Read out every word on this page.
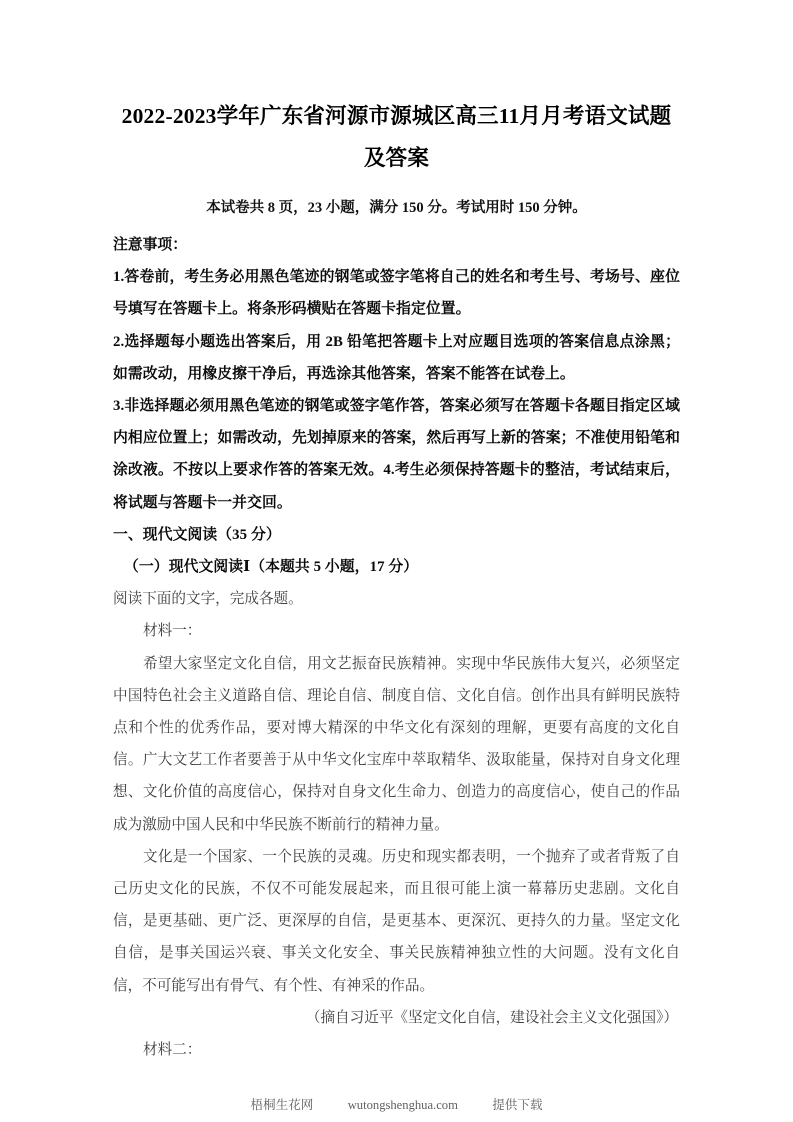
2022-2023学年广东省河源市源城区高三11月月考语文试题及答案

本试卷共 8 页，23 小题，满分 150 分。考试用时 150 分钟。

注意事项：

1.答卷前，考生务必用黑色笔迹的钢笔或签字笔将自己的姓名和考生号、考场号、座位号填写在答题卡上。将条形码横贴在答题卡指定位置。

2.选择题每小题选出答案后，用 2B 铅笔把答题卡上对应题目选项的答案信息点涂黑；如需改动，用橡皮擦干净后，再选涂其他答案，答案不能答在试卷上。

3.非选择题必须用黑色笔迹的钢笔或签字笔作答，答案必须写在答题卡各题目指定区域内相应位置上；如需改动，先划掉原来的答案，然后再写上新的答案；不准使用铅笔和涂改液。不按以上要求作答的答案无效。4.考生必须保持答题卡的整洁，考试结束后，将试题与答题卡一并交回。

一、现代文阅读（35 分）

（一）现代文阅读Ⅰ（本题共 5 小题，17 分）

阅读下面的文字，完成各题。

材料一：

希望大家坚定文化自信，用文艺振奋民族精神。实现中华民族伟大复兴，必须坚定中国特色社会主义道路自信、理论自信、制度自信、文化自信。创作出具有鲜明民族特点和个性的优秀作品，要对博大精深的中华文化有深刻的理解，更要有高度的文化自信。广大文艺工作者要善于从中华文化宝库中萃取精华、汲取能量，保持对自身文化理想、文化价值的高度信心，保持对自身文化生命力、创造力的高度信心，使自己的作品成为激励中国人民和中华民族不断前行的精神力量。

文化是一个国家、一个民族的灵魂。历史和现实都表明，一个抛弃了或者背叛了自己历史文化的民族，不仅不可能发展起来，而且很可能上演一幕幕历史悲剧。文化自信，是更基础、更广泛、更深厚的自信，是更基本、更深沉、更持久的力量。坚定文化自信，是事关国运兴衰、事关文化安全、事关民族精神独立性的大问题。没有文化自信，不可能写出有骨气、有个性、有神采的作品。

（摘自习近平《坚定文化自信，建设社会主义文化强国》）

材料二：

梧桐生花网	wutongshenghua.com	提供下载
